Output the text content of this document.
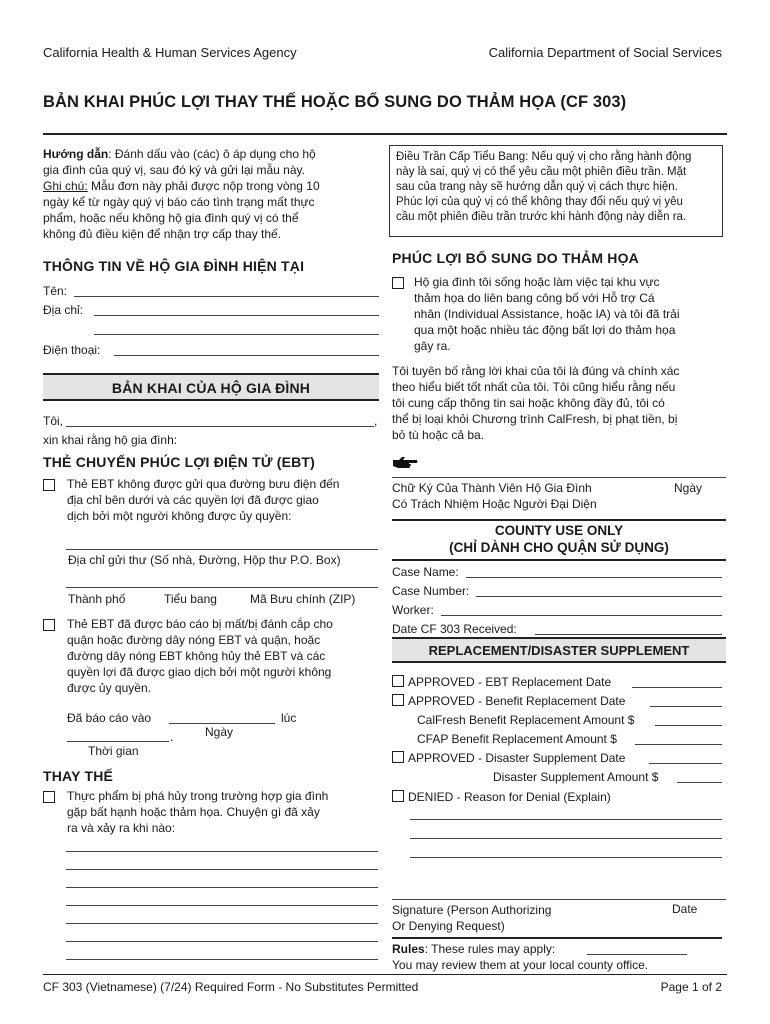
California Health & Human Services Agency	California Department of Social Services
BẢN KHAI PHÚC LỢI THAY THẾ HOẶC BỔ SUNG DO THẢM HỌA (CF 303)
Hướng dẫn: Đánh dấu vào (các) ô áp dụng cho hộ
gia đình của quý vị, sau đó ký và gửi lại mẫu này.
Ghi chú: Mẫu đơn này phải được nộp trong vòng 10
ngày kể từ ngày quý vị báo cáo tình trạng mất thực
phẩm, hoặc nếu không hộ gia đình quý vị có thể
không đủ điều kiện để nhận trợ cấp thay thế.
THÔNG TIN VỀ HỘ GIA ĐÌNH HIỆN TẠI
Tên:
Địa chỉ:
Điện thoại:
BẢN KHAI CỦA HỘ GIA ĐÌNH
Tôi,	,
xin khai rằng hộ gia đình:
THẺ CHUYỂN PHÚC LỢI ĐIỆN TỬ (EBT)
Thẻ EBT không được gửi qua đường bưu điện đến
địa chỉ bên dưới và các quyền lợi đã được giao
dịch bởi một người không được ủy quyền:
Địa chỉ gửi thư (Số nhà, Đường, Hộp thư P.O. Box)
Thành phố	Tiểu bang	Mã Bưu chính (ZIP)
Thẻ EBT đã được báo cáo bị mất/bị đánh cắp cho
quận hoặc đường dây nóng EBT và quận, hoặc
đường dây nóng EBT không hủy thẻ EBT và các
quyền lợi đã được giao dịch bởi một người không
được ủy quyền.
Đã báo cáo vào	lúc
.	Ngày
Thời gian
THAY THẾ
Thực phẩm bị phá hủy trong trường hợp gia đình
gặp bất hạnh hoặc thảm họa. Chuyện gì đã xảy
ra và xảy ra khi nào:
Điều Trần Cấp Tiểu Bang: Nếu quý vị cho rằng hành động
này là sai, quý vị có thể yêu cầu một phiên điều trần. Mặt
sau của trang này sẽ hướng dẫn quý vị cách thực hiện.
Phúc lợi của quý vị có thể không thay đổi nếu quý vị yêu
cầu một phiên điều trần trước khi hành động này diễn ra.
PHÚC LỢI BỔ SUNG DO THẢM HỌA
Hộ gia đình tôi sống hoặc làm việc tại khu vực
thảm họa do liên bang công bố với Hỗ trợ Cá
nhân (Individual Assistance, hoặc IA) và tôi đã trải
qua một hoặc nhiều tác động bất lợi do thảm họa
gây ra.
Tôi tuyên bố rằng lời khai của tôi là đúng và chính xác
theo hiểu biết tốt nhất của tôi. Tôi cũng hiểu rằng nếu
tôi cung cấp thông tin sai hoặc không đầy đủ, tôi có
thể bị loại khỏi Chương trình CalFresh, bị phạt tiền, bị
bỏ tù hoặc cả ba.
Chữ Ký Của Thành Viên Hộ Gia Đình
Có Trách Nhiệm Hoặc Người Đại Diện
Ngày
COUNTY USE ONLY
(CHỈ DÀNH CHO QUẬN SỬ DỤNG)
Case Name:
Case Number:
Worker:
Date CF 303 Received:
REPLACEMENT/DISASTER SUPPLEMENT
APPROVED - EBT Replacement Date
APPROVED - Benefit Replacement Date
CalFresh Benefit Replacement Amount $
CFAP Benefit Replacement Amount $
APPROVED - Disaster Supplement Date
Disaster Supplement Amount $
DENIED - Reason for Denial (Explain)
Signature (Person Authorizing
Or Denying Request)
Date
Rules: These rules may apply:
You may review them at your local county office.
CF 303 (Vietnamese) (7/24) Required Form - No Substitutes Permitted	Page 1 of 2
